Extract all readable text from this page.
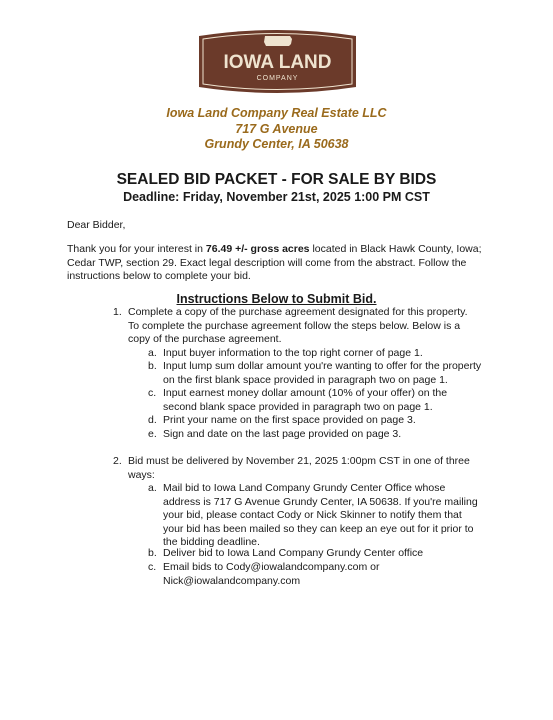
IOWA LAND
COMPANY
Iowa Land Company Real Estate LLC
717 G Avenue
Grundy Center, IA 50638
SEALED BID PACKET - FOR SALE BY BIDS
Deadline: Friday, November 21st, 2025 1:00 PM CST
Dear Bidder,
Thank you for your interest in 76.49 +/- gross acres located in Black Hawk County, Iowa; Cedar TWP, section 29. Exact legal description will come from the abstract. Follow the instructions below to complete your bid.
Instructions Below to Submit Bid.
1. Complete a copy of the purchase agreement designated for this property. To complete the purchase agreement follow the steps below. Below is a copy of the purchase agreement.
a. Input buyer information to the top right corner of page 1.
b. Input lump sum dollar amount you're wanting to offer for the property on the first blank space provided in paragraph two on page 1.
c. Input earnest money dollar amount (10% of your offer) on the second blank space provided in paragraph two on page 1.
d. Print your name on the first space provided on page 3.
e. Sign and date on the last page provided on page 3.
2. Bid must be delivered by November 21, 2025 1:00pm CST in one of three ways:
a. Mail bid to Iowa Land Company Grundy Center Office whose address is 717 G Avenue Grundy Center, IA 50638. If you're mailing your bid, please contact Cody or Nick Skinner to notify them that your bid has been mailed so they can keep an eye out for it prior to the bidding deadline.
b. Deliver bid to Iowa Land Company Grundy Center office
c. Email bids to Cody@iowalandcompany.com or Nick@iowalandcompany.com
